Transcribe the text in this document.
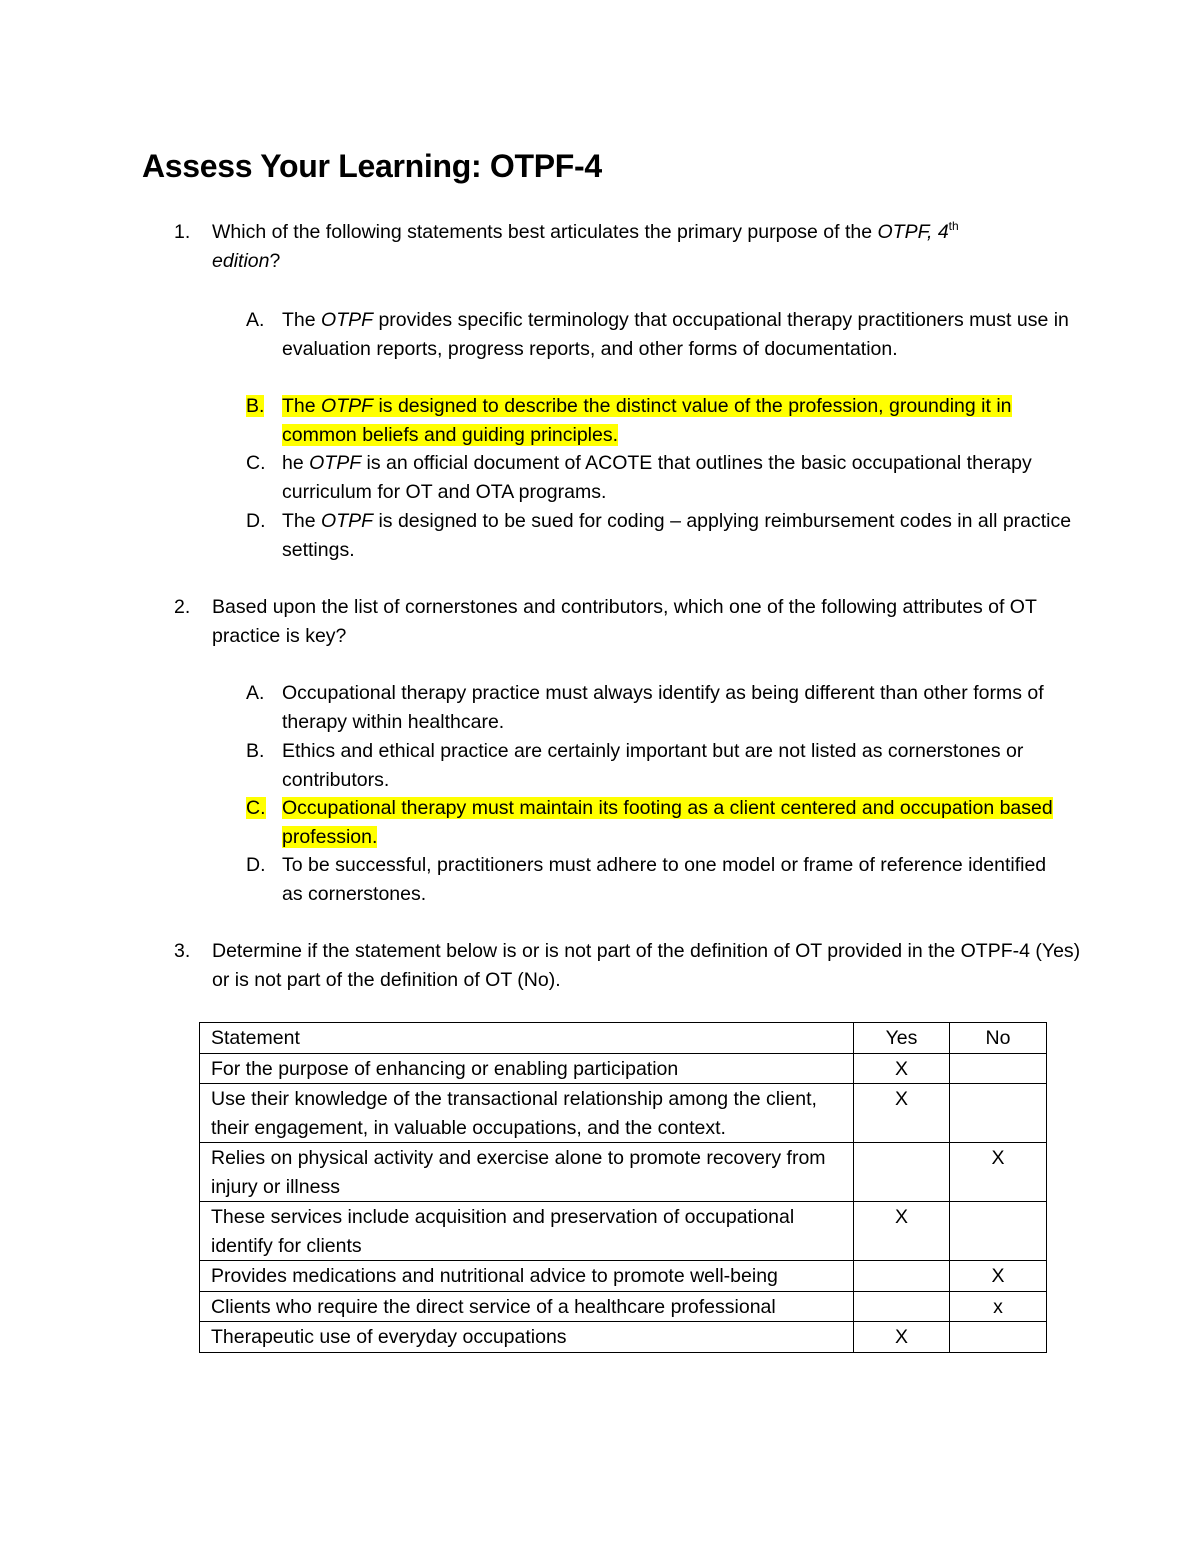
Assess Your Learning: OTPF-4
1.	Which of the following statements best articulates the primary purpose of the OTPF, 4th
edition?
A. The OTPF provides specific terminology that occupational therapy practitioners must use in evaluation reports, progress reports, and other forms of documentation.
B. The OTPF is designed to describe the distinct value of the profession, grounding it in common beliefs and guiding principles.
C. he OTPF is an official document of ACOTE that outlines the basic occupational therapy curriculum for OT and OTA programs.
D. The OTPF is designed to be sued for coding – applying reimbursement codes in all practice settings.
2.	Based upon the list of cornerstones and contributors, which one of the following attributes of OT practice is key?
A. Occupational therapy practice must always identify as being different than other forms of therapy within healthcare.
B. Ethics and ethical practice are certainly important but are not listed as cornerstones or contributors.
C. Occupational therapy must maintain its footing as a client centered and occupation based profession.
D. To be successful, practitioners must adhere to one model or frame of reference identified as cornerstones.
3.	Determine if the statement below is or is not part of the definition of OT provided in the OTPF-4 (Yes) or is not part of the definition of OT (No).
Statement	Yes	No
For the purpose of enhancing or enabling participation	X	
Use their knowledge of the transactional relationship among the client, their engagement, in valuable occupations, and the context.	X	
Relies on physical activity and exercise alone to promote recovery from injury or illness		X
These services include acquisition and preservation of occupational identify for clients	X	
Provides medications and nutritional advice to promote well-being		X
Clients who require the direct service of a healthcare professional		x
Therapeutic use of everyday occupations	X	
